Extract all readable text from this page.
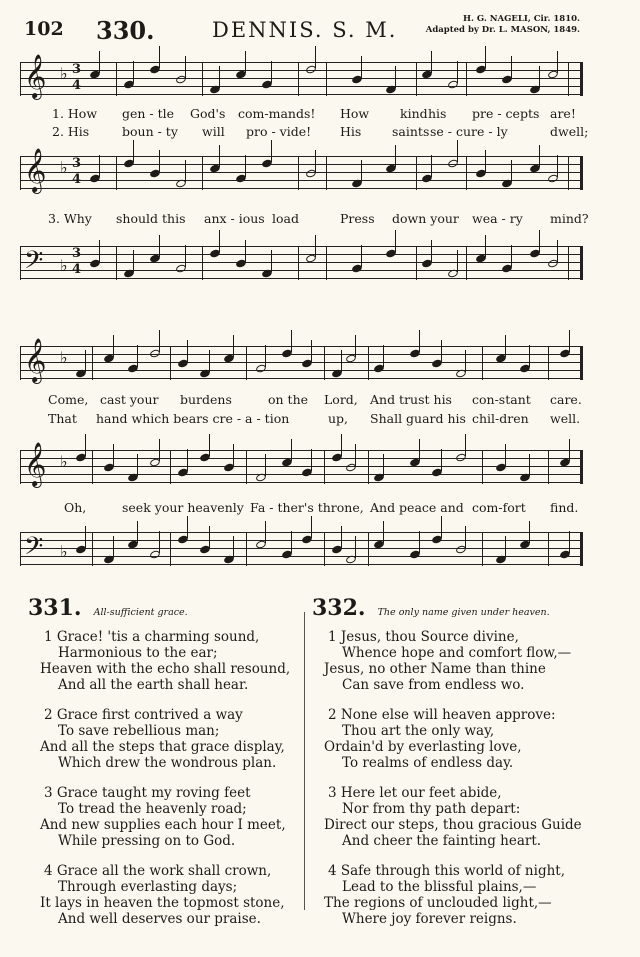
102 330.	DENNIS. S. M.	H. G. NAGELI, Cir. 1810.
Adapted by Dr. L. MASON, 1849.
𝄞 3
4
♭
𝄞 3
4
♭
𝄢 3
4
♭
𝄞 ♭
𝄞 ♭
𝄢 ♭
1. How gen - tle God's com-mands! How kind his pre - cepts are!
2. His	boun - ty will pro - vide! His saints se - cure - ly	dwell;
3. Why should this anx - ious load	Press down your wea - ry mind?
Come, cast your burdens	on the Lord, And trust his con-stant care.
That hand which bears cre - a - tion	up, Shall guard his chil-dren well.
Oh,	seek your heavenly Fa - ther's throne, And peace and com-fort find.
331. All-sufficient grace.
1 Grace! 'tis a charming sound,
Harmonious to the ear;
Heaven with the echo shall resound,
And all the earth shall hear.
2 Grace first contrived a way
To save rebellious man;
And all the steps that grace display,
Which drew the wondrous plan.
3 Grace taught my roving feet
To tread the heavenly road;
And new supplies each hour I meet,
While pressing on to God.
4 Grace all the work shall crown,
Through everlasting days;
It lays in heaven the topmost stone,
And well deserves our praise.
332. The only name given under heaven.
1 Jesus, thou Source divine,
Whence hope and comfort flow,—
Jesus, no other Name than thine
Can save from endless wo.
2 None else will heaven approve:
Thou art the only way,
Ordain'd by everlasting love,
To realms of endless day.
3 Here let our feet abide,
Nor from thy path depart:
Direct our steps, thou gracious Guide
And cheer the fainting heart.
4 Safe through this world of night,
Lead to the blissful plains,—
The regions of unclouded light,—
Where joy forever reigns.
